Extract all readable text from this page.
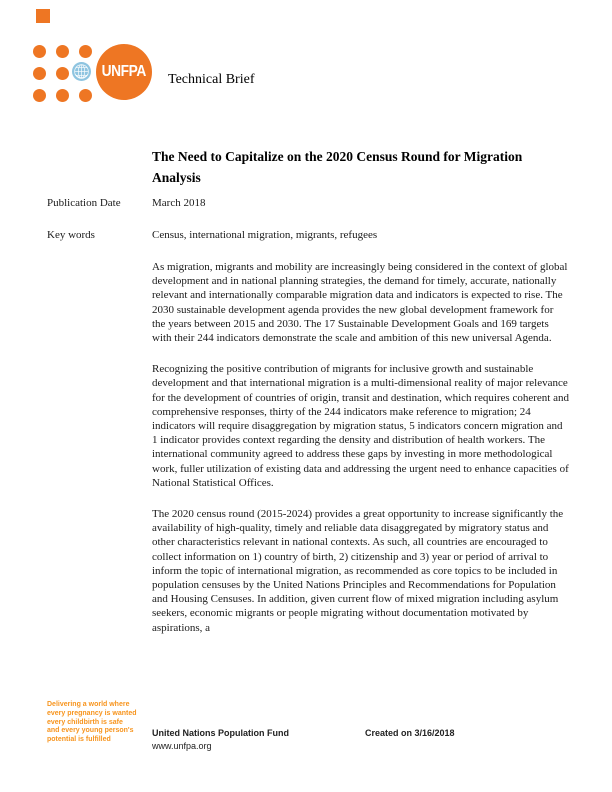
UNFPA Technical Brief
The Need to Capitalize on the 2020 Census Round for Migration Analysis
Publication Date	March 2018
Key words	Census, international migration, migrants, refugees

As migration, migrants and mobility are increasingly being considered in the context of global development and in national planning strategies, the demand for timely, accurate, nationally relevant and internationally comparable migration data and indicators is expected to rise. The 2030 sustainable development agenda provides the new global development framework for the years between 2015 and 2030. The 17 Sustainable Development Goals and 169 targets with their 244 indicators demonstrate the scale and ambition of this new universal Agenda.

Recognizing the positive contribution of migrants for inclusive growth and sustainable development and that international migration is a multi-dimensional reality of major relevance for the development of countries of origin, transit and destination, which requires coherent and comprehensive responses, thirty of the 244 indicators make reference to migration; 24 indicators will require disaggregation by migration status, 5 indicators concern migration and 1 indicator provides context regarding the density and distribution of health workers. The international community agreed to address these gaps by investing in more methodological work, fuller utilization of existing data and addressing the urgent need to enhance capacities of National Statistical Offices.

The 2020 census round (2015-2024) provides a great opportunity to increase significantly the availability of high-quality, timely and reliable data disaggregated by migratory status and other characteristics relevant in national contexts. As such, all countries are encouraged to collect information on 1) country of birth, 2) citizenship and 3) year or period of arrival to inform the topic of international migration, as recommended as core topics to be included in population censuses by the United Nations Principles and Recommendations for Population and Housing Censuses. In addition, given current flow of mixed migration including asylum seekers, economic migrants or people migrating without documentation motivated by aspirations, a

Delivering a world where
every pregnancy is wanted
every childbirth is safe
and every young person's
potential is fulfilled
United Nations Population Fund
www.unfpa.org
Created on 3/16/2018
